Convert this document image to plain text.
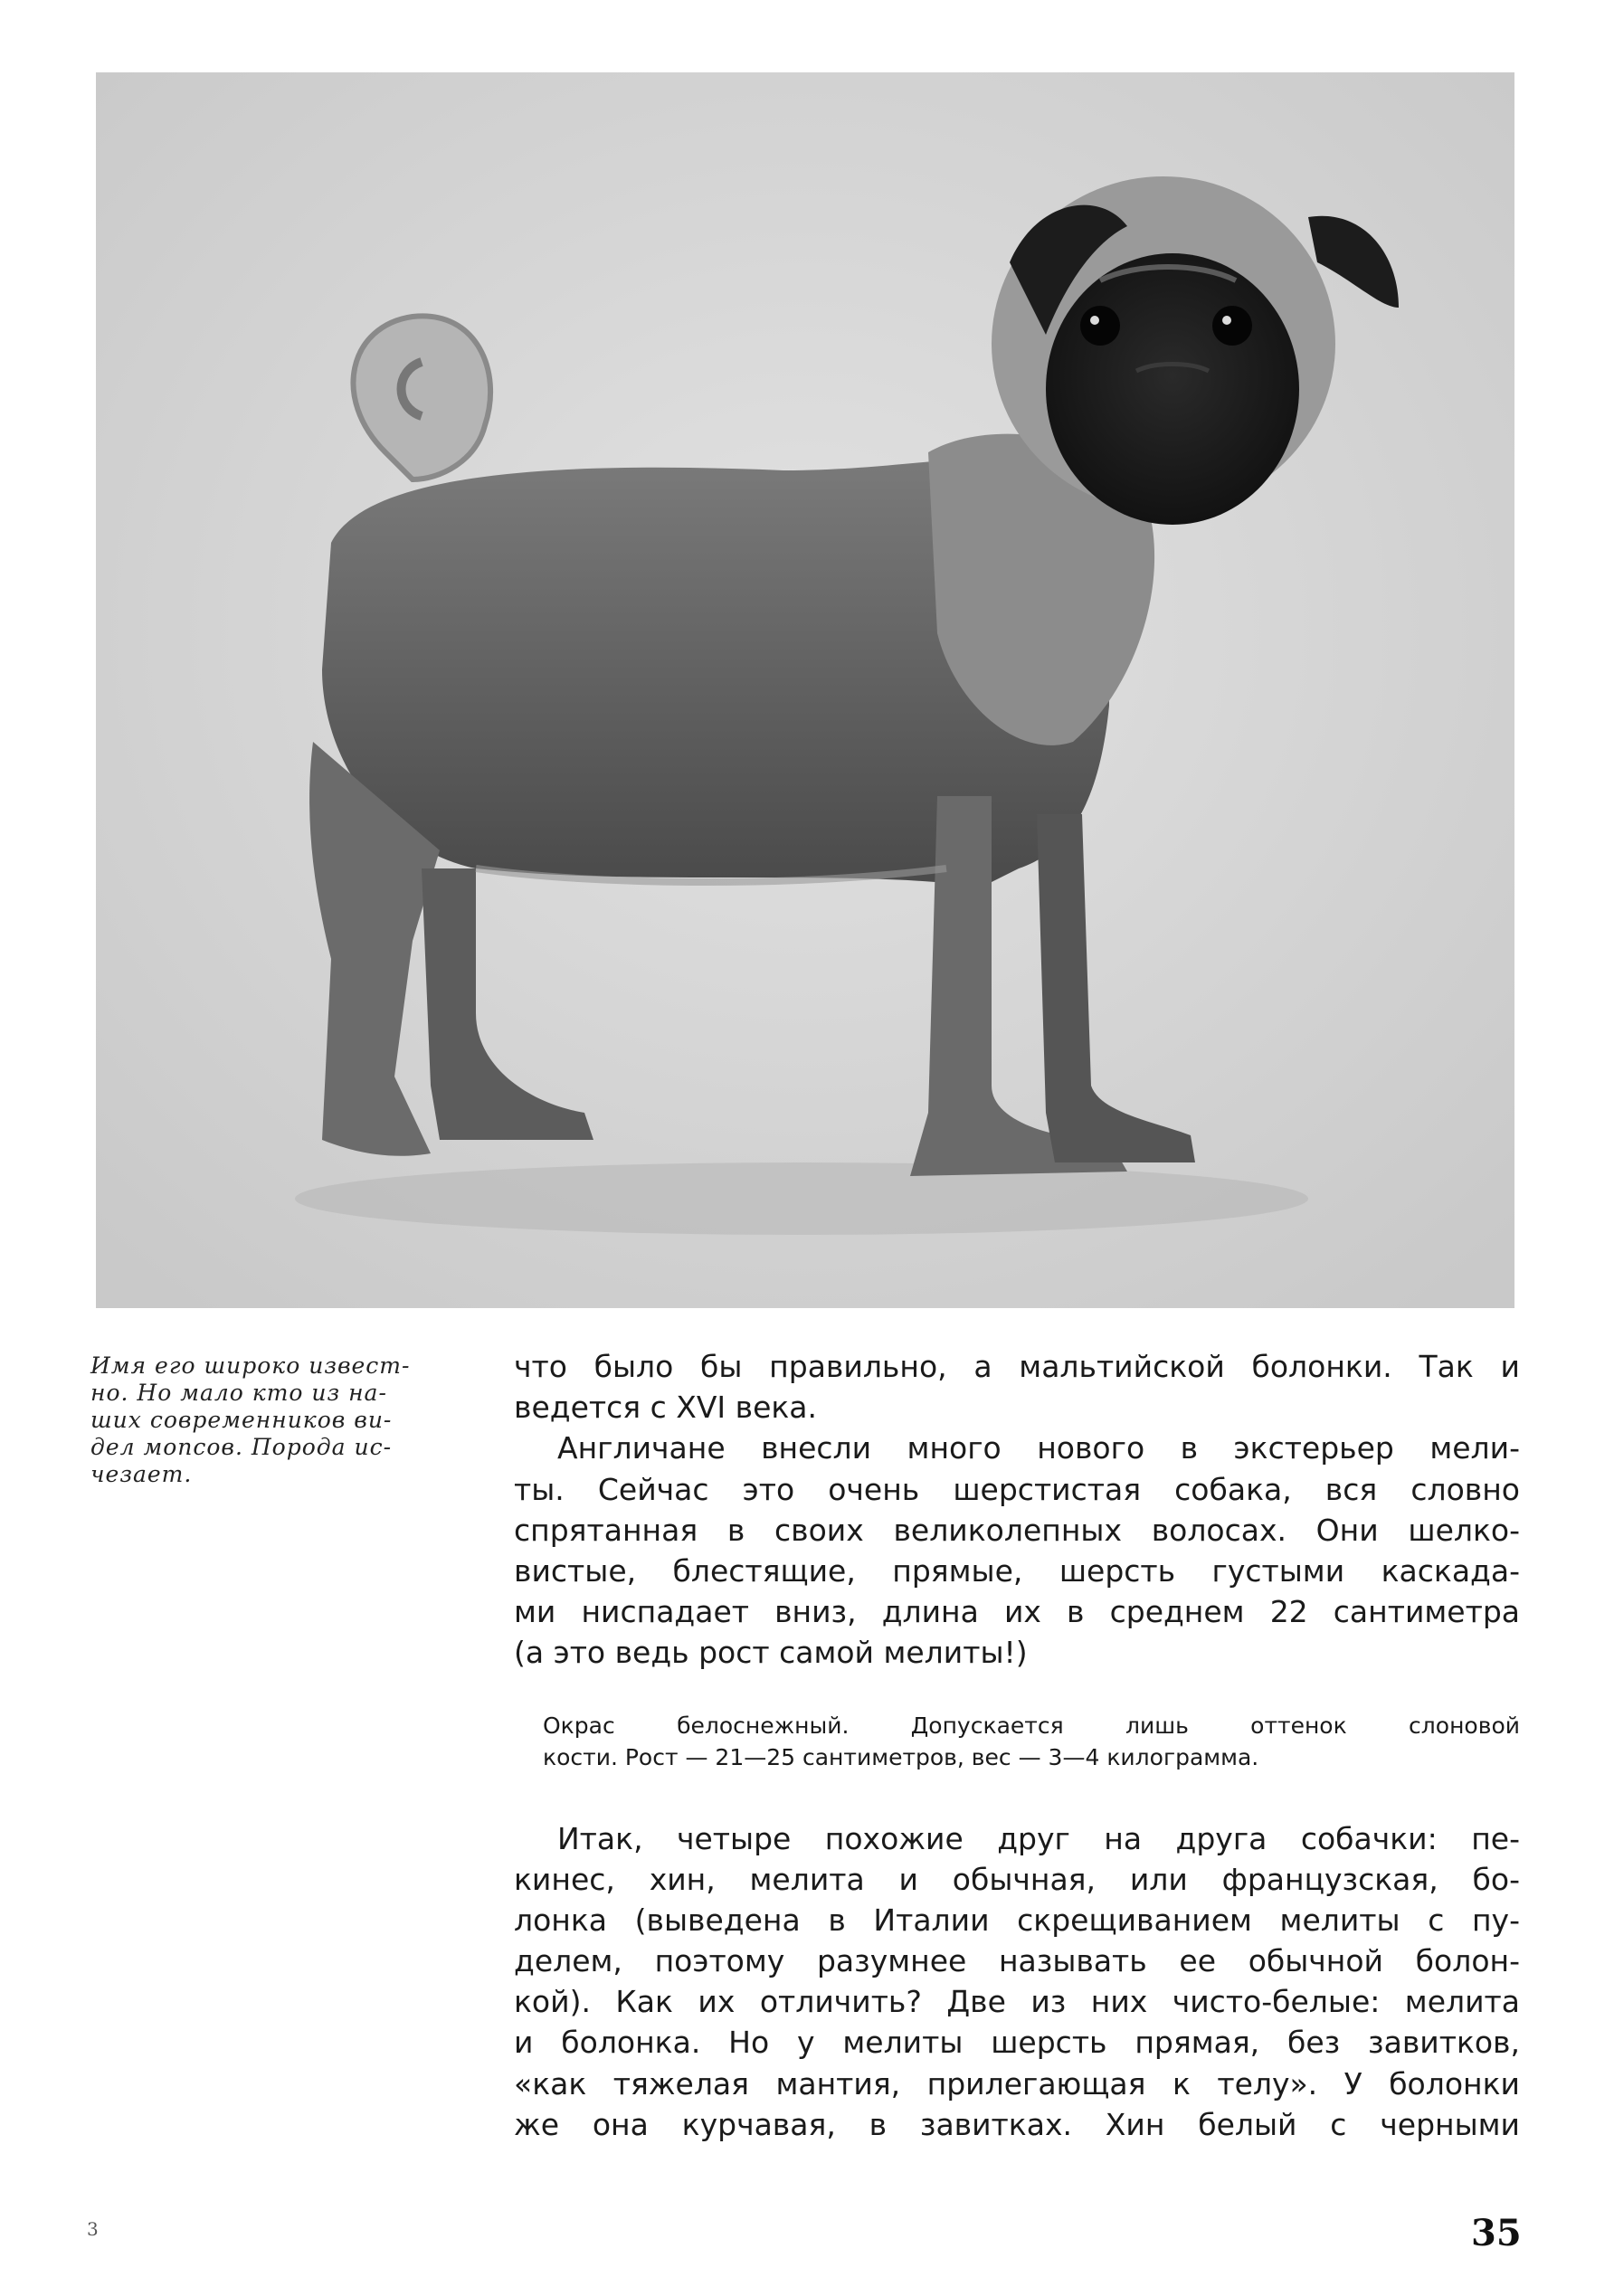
Имя его широко извест-
но. Но мало кто из на-
ших современников ви-
дел мопсов. Порода ис-
чезает.
что было бы правильно, а мальтийской болонки. Так и
ведется с XVI века.
Англичане внесли много нового в экстерьер мели-
ты. Сейчас это очень шерстистая собака, вся словно
спрятанная в своих великолепных волосах. Они шелко-
вистые, блестящие, прямые, шерсть густыми каскада-
ми ниспадает вниз, длина их в среднем 22 сантиметра
(а это ведь рост самой мелиты!)
Окрас белоснежный. Допускается лишь оттенок слоновой
кости. Рост — 21—25 сантиметров, вес — 3—4 килограмма.
Итак, четыре похожие друг на друга собачки: пе-
кинес, хин, мелита и обычная, или французская, бо-
лонка (выведена в Италии скрещиванием мелиты с пу-
делем, поэтому разумнее называть ее обычной болон-
кой). Как их отличить? Две из них чисто-белые: мелита
и болонка. Но у мелиты шерсть прямая, без завитков,
«как тяжелая мантия, прилегающая к телу». У болонки
же она курчавая, в завитках. Хин белый с черными
3	35
